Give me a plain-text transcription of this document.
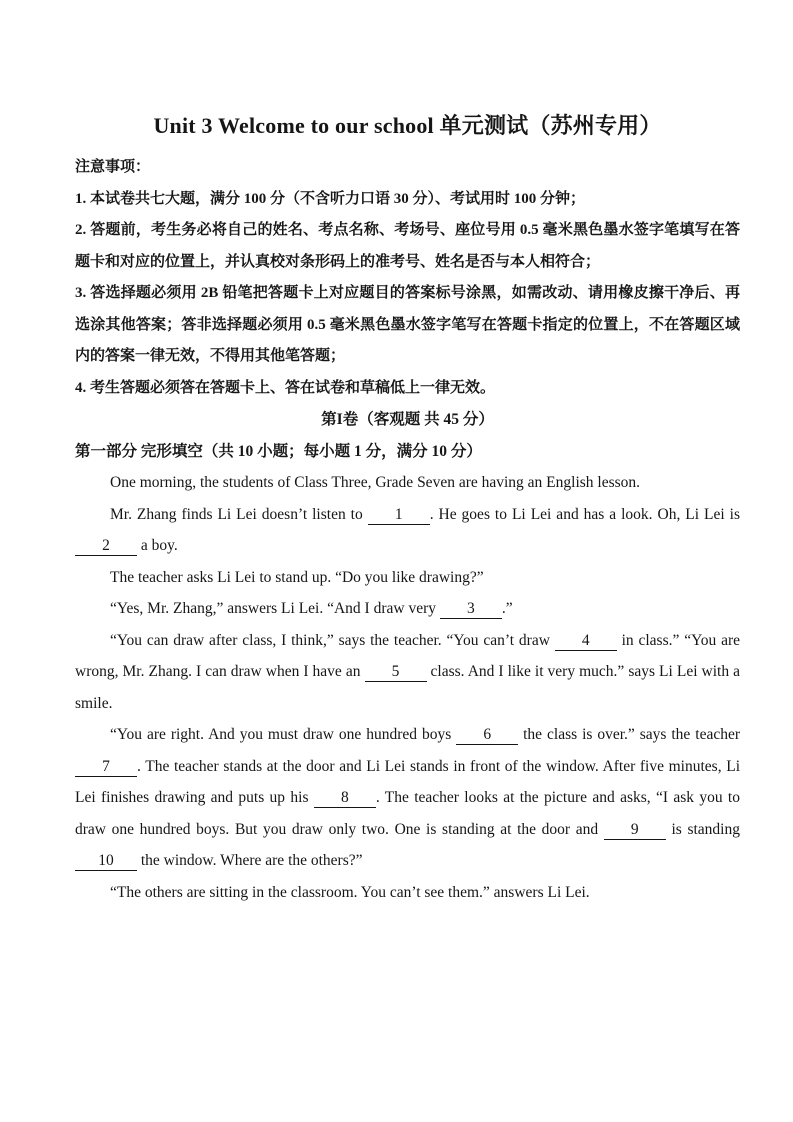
Unit 3 Welcome to our school 单元测试（苏州专用）
注意事项：
1. 本试卷共七大题，满分 100 分（不含听力口语 30 分）、考试用时 100 分钟；
2. 答题前，考生务必将自己的姓名、考点名称、考场号、座位号用 0.5 毫米黑色墨水签字笔填写在答题卡和对应的位置上，并认真校对条形码上的准考号、姓名是否与本人相符合；
3. 答选择题必须用 2B 铅笔把答题卡上对应题目的答案标号涂黑，如需改动、请用橡皮擦干净后、再选涂其他答案；答非选择题必须用 0.5 毫米黑色墨水签字笔写在答题卡指定的位置上，不在答题区域内的答案一律无效，不得用其他笔答题；
4. 考生答题必须答在答题卡上、答在试卷和草稿低上一律无效。
第I卷（客观题 共 45 分）
第一部分 完形填空（共 10 小题；每小题 1 分，满分 10 分）

One morning, the students of Class Three, Grade Seven are having an English lesson.

Mr. Zhang finds Li Lei doesn’t listen to 1 . He goes to Li Lei and has a look. Oh, Li Lei is 2 a boy.

The teacher asks Li Lei to stand up. “Do you like drawing?”

“Yes, Mr. Zhang,” answers Li Lei. “And I draw very 3 .”

“You can draw after class, I think,” says the teacher. “You can’t draw 4 in class.” “You are wrong, Mr. Zhang. I can draw when I have an 5 class. And I like it very much.” says Li Lei with a smile.

“You are right. And you must draw one hundred boys 6 the class is over.” says the teacher 7 . The teacher stands at the door and Li Lei stands in front of the window. After five minutes, Li Lei finishes drawing and puts up his 8 . The teacher looks at the picture and asks, “I ask you to draw one hundred boys. But you draw only two. One is standing at the door and 9 is standing 10 the window. Where are the others?”

“The others are sitting in the classroom. You can’t see them.” answers Li Lei.
